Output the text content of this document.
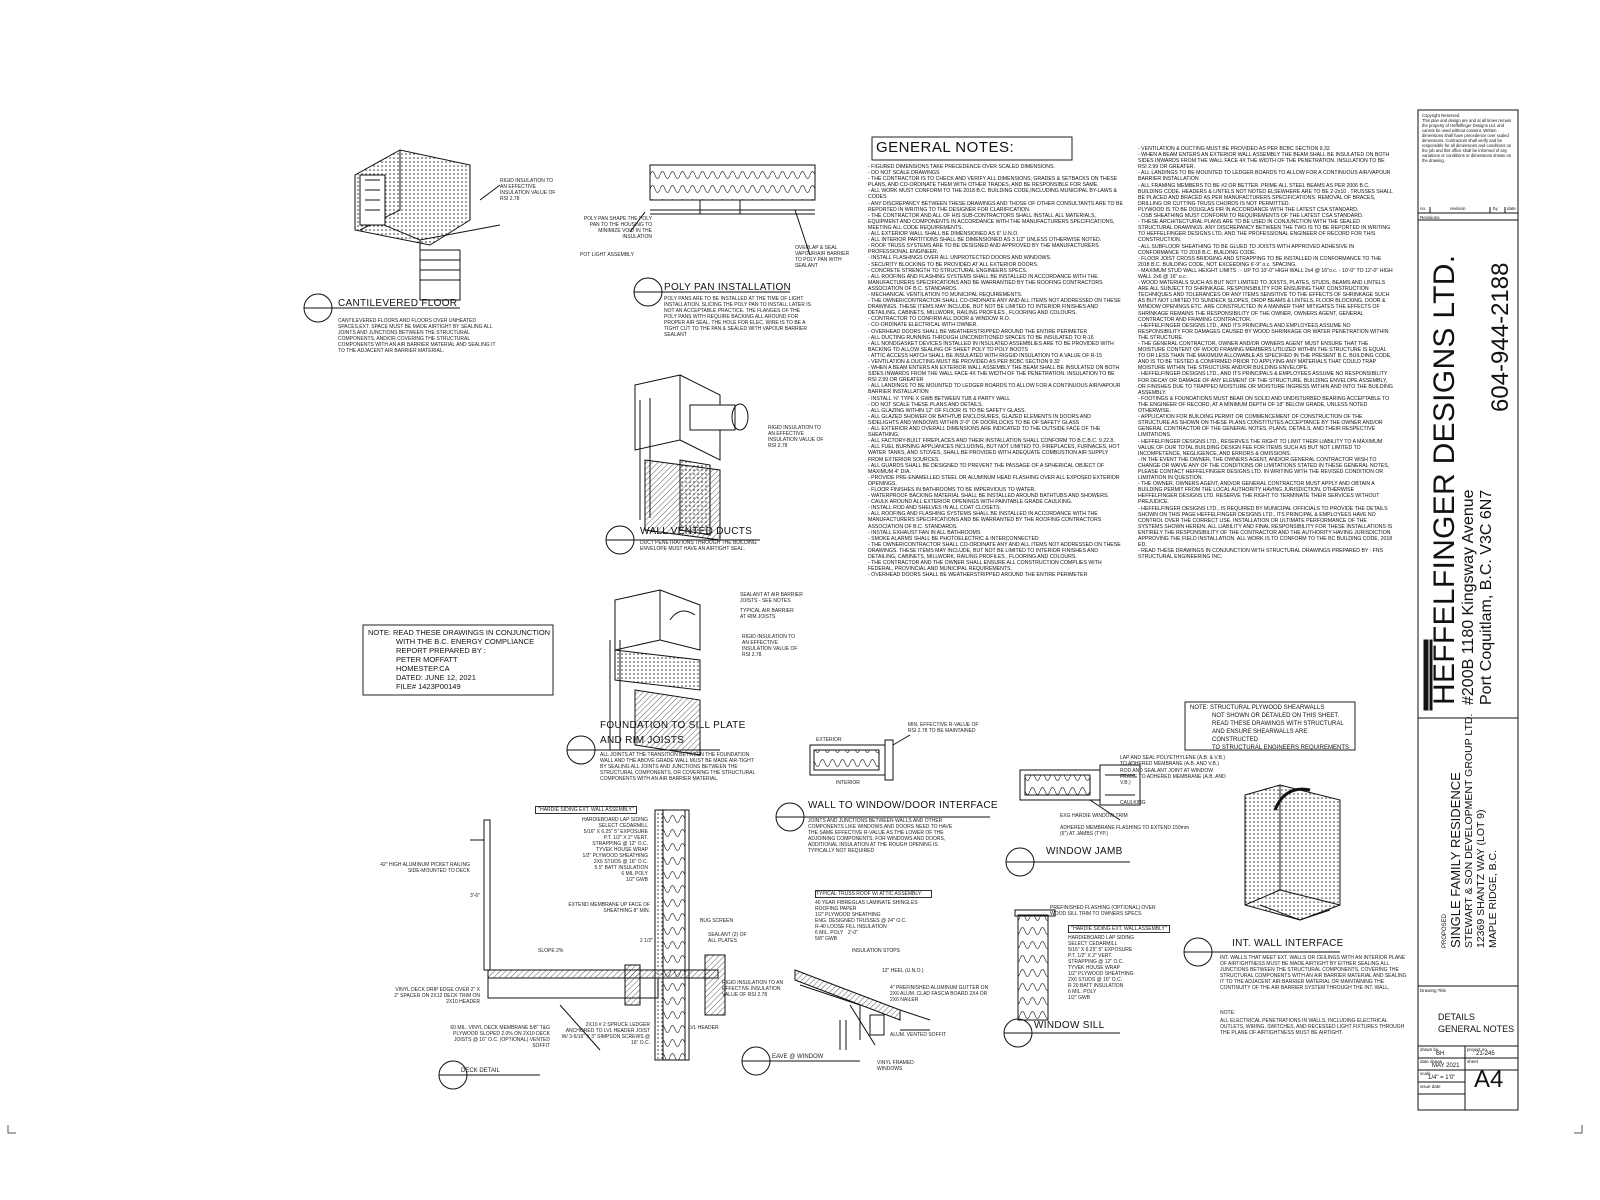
CANTILEVERED FLOOR
CANTILEVERED FLOORS AND FLOORS OVER UNHEATED SPACES,EXT. SPACE MUST BE MADE AIRTIGHT BY SEALING ALL JOINTS AND JUNCTIONS BETWEEN THE STRUCTURAL COMPONENTS, AND/OR COVERING THE STRUCTURAL COMPONENTS WITH AN AIR BARRIER MATERIAL AND SEALING IT TO THE ADJACENT AIR BARRIER MATERIAL.
RIGID INSULATION TO AN EFFECTIVE INSULATION VALUE OF RSI 2.78
POLY PAN INSTALLATION
POLY PANS ARE TO BE INSTALLED AT THE TIME OF LIGHT INSTALLATION. SLICING THE POLY PAN TO INSTALL LATER IS NOT AN ACCEPTABLE PRACTICE. THE FLANGES OF THE POLY PANS WITH REQUIRE BACKING ALL AROUND FOR PROPER AIR SEAL. THE HOLE FOR ELEC. WIRE IS TO BE A TIGHT CUT TO THE PAN & SEALED WITH VAPOUR BARRIER SEALANT
POLY PAN SHAPE THE POLY PAN TO THE HOUSING TO MINIMIZE VOID IN THE INSULATION
POT LIGHT ASSEMBLY
OVERLAP & SEAL VAPOUR/AIR BARRIER TO POLY PAN WITH SEALANT
WALL VENTED DUCTS
DUCT PENETRATIONS THROUGH THE BUILDING ENVELOPE MUST HAVE AN AIRTIGHT SEAL.
RIGID INSULATION TO AN EFFECTIVE INSULATION VALUE OF RSI 2.78
FOUNDATION TO SILL PLATE
AND RIM JOISTS
ALL JOINTS AT THE TRANSITION BETWEEN THE FOUNDATION WALL AND THE ABOVE GRADE WALL MUST BE MADE AIR-TIGHT BY SEALING ALL JOINTS AND JUNCTIONS BETWEEN THE STRUCTURAL COMPONENTS, OR COVERING THE STRUCTURAL COMPONENTS WITH AN AIR BARRIER MATERIAL.
SEALANT AT AIR BARRIER JOISTS - SEE NOTES
TYPICAL AIR BARRIER AT RIM JOISTS
RIGID INSULATION TO AN EFFECTIVE INSULATION VALUE OF RSI 2.78
WALL TO WINDOW/DOOR INTERFACE
JOINTS AND JUNCTIONS BETWEEN WALLS AND OTHER COMPONENTS LIKE WINDOWS AND DOORS NEED TO HAVE THE SAME EFFECTIVE R-VALUE AS THE LOWER OF THE ADJOINING COMPONENTS. FOR WINDOWS AND DOORS, ADDITIONAL INSULATION AT THE ROUGH OPENING IS TYPICALLY NOT REQUIRED
MIN. EFFECTIVE R-VALUE OF RSI 2.78 TO BE MAINTAINED
EXTERIOR
INTERIOR
WINDOW JAMB
LAP AND SEAL POLYETHYLENE (A.B. & V.B.) TO ADHERED MEMBRANE (A.B. AND V.B.)
ROD AND SEALANT JOINT AT WINDOW FRAME TO ADHERED MEMBRANE (A.B. AND V.B.)
CAULKING
EXG HARDIE WINDOW TRIM
ADHERED MEMBRANE FLASHING TO EXTEND 150mm (6") AT JAMBS (TYP.)
WINDOW SILL
PREFINISHED FLASHING (OPTIONAL) OVER WOOD SILL TRIM TO OWNERS SPECS
"HARDIE SIDING EXT. WALL ASSEMBLY"
HARDIEBOARD LAP SIDING
SELECT CEDARMILL
5/16" X 6.25" 5" EXPOSURE
P.T. 1/2" X 2" VERT.
STRAPPING @ 12" O.C.
TYVEK HOUSE WRAP
1/2" PLYWOOD SHEATHING
2X6 STUDS @ 16" O.C.
R 20 BATT INSULATION
6 MIL. POLY
1/2" GWB
INT. WALL INTERFACE
INT. WALLS THAT MEET EXT. WALLS OR CEILINGS WITH AN INTERIOR PLANE OF AIRTIGHTNESS MUST BE MADE AIRTIGHT BY EITHER SEALING ALL JUNCTIONS BETWEEN THE STRUCTURAL COMPONENTS, COVERING THE STRUCTURAL COMPONENTS WITH AN AIR BARRIER MATERIAL AND SEALING IT TO THE ADJACENT AIR BARRIER MATERIAL OR MAINTAINING THE CONTINUITY OF THE AIR BARRIER SYSTEM THROUGH THE INT. WALL.
NOTE:
ALL ELECTRICAL PENETRATIONS IN WALLS, INCLUDING ELECTRICAL OUTLETS, WIRING, SWITCHES, AND RECESSED LIGHT FIXTURES THROUGH THE PLANE OF AIRTIGHTNESS MUST BE AIRTIGHT.
DECK DETAIL
"HARDIE SIDING EXT. WALL ASSEMBLY"
HARDIEBOARD LAP SIDING
SELECT CEDARMILL
5/16" X 6.25" 5" EXPOSURE
P.T. 1/2" X 2" VERT.
STRAPPING @ 12" O.C.
TYVEK HOUSE WRAP
1/2" PLYWOOD SHEATHING
2X6 STUDS @ 16" O.C.
5.5" BATT INSULATION
6 MIL POLY
1/2" GWB
42" HIGH ALUMINUM PICKET RAILING SIDE-MOUNTED TO DECK
3'-6"
SLOPE 2%
EXTEND MEMBRANE UP FACE OF SHEATHING 8" MIN.
BUG SCREEN
SEALANT (2) OF ALL PLATES
RIGID INSULATION TO AN EFFECTIVE INSULATION VALUE OF RSI 2.78
VINYL DECK DRIP EDGE OVER 2" X 2" SPACER ON 2X12 DECK TRIM ON 2X10 HEADER
60 MIL. VINYL DECK MEMBRANE 5/8" T&G PLYWOOD SLOPED 2.0% ON 2X10 DECK JOISTS @ 16" O.C. (OPTIONAL) VENTED SOFFIT
2X10 # 2 SPRUCE LEDGER ANCHORED TO LVL HEADER JOIST W/ 3-5/16" X 3" SIMPSON SCREWS @ 16" O.C.
LVL HEADER
2 1/2"
EAVE @ WINDOW
TYPICAL TRUSS ROOF W/ ATTIC ASSEMBLY:
40 YEAR FIBREGLAS LAMINATE SHINGLES
ROOFING PAPER
1/2" PLYWOOD SHEATHING
ENG. DESIGNED TRUSSES @ 24" O.C.
R-40 LOOSE FILL INSULATION
6 MIL. POLY
5/8" GWB
INSULATION STOPS
2'-0"
12" HEEL (U.N.O.)
4" PREFINISHED ALUMINUM GUTTER ON 2X6 ALUM. CLAD FASCIA BOARD 2X4 OR 2X6 NAILER
ALUM. VENTED SOFFIT
VINYL FRAMED WINDOWS
NOTE: READ THESE DRAWINGS IN CONJUNCTION
WITH THE B.C. ENERGY COMPLIANCE
REPORT PREPARED BY :
PETER MOFFATT
HOMESTEP.CA
DATED: JUNE 12, 2021
FILE# 1423P00149
NOTE: STRUCTURAL PLYWOOD SHEARWALLS
NOT SHOWN OR DETAILED ON THIS SHEET.
READ THESE DRAWINGS WITH STRUCTURAL
AND ENSURE SHEARWALLS ARE CONSTRUCTED
TO STRUCTURAL ENGINEERS REQUIREMENTS
GENERAL NOTES:
- FIGURED DIMENSIONS TAKE PRECEDENCE OVER SCALED DIMENSIONS.
- DO NOT SCALE DRAWINGS
- THE CONTRACTOR IS TO CHECK AND VERIFY ALL DIMENSIONS, GRADES & SETBACKS ON THESE PLANS, AND CO-ORDINATE THEM WITH OTHER TRADES, AND BE RESPONSIBLE FOR SAME.
- ALL WORK MUST CONFORM TO THE 2018 B.C. BUILDING CODE,INCLUDING MUNICIPAL BY-LAWS & CODES
- ANY DISCREPANCY BETWEEN THESE DRAWINGS AND THOSE OF OTHER CONSULTANTS ARE TO BE REPORTED IN WRITING TO THE DESIGNER FOR CLARIFICATION.
- THE CONTRACTOR AND ALL OF HIS SUB-CONTRACTORS SHALL INSTALL ALL MATERIALS, EQUIPMENT AND COMPONENTS IN ACCORDANCE WITH THE MANUFACTURERS SPECIFICATIONS, MEETING ALL CODE REQUIREMENTS.
- ALL EXTERIOR WALL SHALL BE DIMENSIONED AS 6" U.N.O.
- ALL INTERIOR PARTITIONS SHALL BE DIMENSIONED AS 3 1/2" UNLESS OTHERWISE NOTED.
- ROOF TRUSS SYSTEMS ARE TO BE DESIGNED AND APPROVED BY THE MANUFACTURERS PROFESSIONAL ENGINEER.
- INSTALL FLASHINGS OVER ALL UNPROTECTED DOORS AND WINDOWS.
- SECURITY BLOCKING TO BE PROVIDED AT ALL EXTERIOR DOORS.
- CONCRETE STRENGTH TO STRUCTURAL ENGINEERS SPECS.
- ALL ROOFING AND FLASHING SYSTEMS SHALL BE INSTALLED IN ACCORDANCE WITH THE MANUFACTURERS SPECIFICATIONS AND BE WARRANTIED BY THE ROOFING CONTRACTORS ASSOCIATION OF B.C. STANDARDS.
- MECHANICAL VENTILATION TO MUNICIPAL REQUIREMENTS.
- THE OWNER/CONTRACTOR SHALL CO-ORDINATE ANY AND ALL ITEMS NOT ADDRESSED ON THESE DRAWINGS. THESE ITEMS MAY INCLUDE, BUT NOT BE LIMITED TO INTERIOR FINISHES AND DETAILING, CABINETS, MILLWORK, RAILING PROFILES , FLOORING AND COLOURS.
- CONTRACTOR TO CONFIRM ALL DOOR & WINDOW R.O.
- CO-ORDINATE ELECTRICAL WITH OWNER.
- OVERHEAD DOORS SHALL BE WEATHERSTRIPPED AROUND THE ENTIRE PERIMETER
- ALL DUCTING RUNNING THROUGH UNCONDITIONED SPACES TO BE INSULATED TO R-16
- ALL NONDGASKET DEVICES INSTALLED IN INSULATED ASSEMBLIES ARE TO BE PROVIDED WITH BACKING TO ALLOW SEALING OF SHEET POLY TO POLY BOOTS
- ATTIC ACCESS HATCH SHALL BE INSULATED WITH RIGGID INSULATION TO A VALUE OF R-15
- VENTILATION & DUCTING MUST BE PROVIDED AS PER BCBC SECTION 9.32
- WHEN A BEAM ENTERS AN EXTERIOR WALL ASSEMBLY THE BEAM SHALL BE INSULATED ON BOTH SIDES INWARDS FROM THE WALL FACE 4X THE WIDTH OF THE PENETRATION. INSULATION TO BE RSI 2.99 OR GREATER
- ALL LANDINGS TO BE MOUNTED TO LEDGER BOARDS TO ALLOW FOR A CONTINUOUS AIR/VAPOUR BARRIER INSTALLATION
- INSTALL ⅝" TYPE X GWB BETWEEN TUB & PARTY WALL
- DO NOT SCALE THESE PLANS AND DETAILS.
- ALL GLAZING WITHIN 12" OF FLOOR IS TO BE SAFETY GLASS.
- ALL GLAZED SHOWER OR BATHTUB ENCLOSURES, GLAZED ELEMENTS IN DOORS AND SIDELIGHTS AND WINDOWS WITHIN 3'-0" OF DOORLOCKS TO BE OF SAFETY GLASS
- ALL EXTERIOR AND OVERALL DIMENSIONS ARE INDICATED TO THE OUTSIDE FACE OF THE SHEATHING.
- ALL FACTORY-BUILT FIREPLACES AND THEIR INSTALLATION SHALL CONFORM TO B.C.B.C. 9.22.8.
- ALL FUEL BURNING APPLIANCES INCLUDING, BUT NOT LIMITED TO, FIREPLACES, FURNACES, HOT WATER TANKS, AND STOVES, SHALL BE PROVIDED WITH ADEQUATE COMBUSTION AIR SUPPLY FROM EXTERIOR SOURCES.
- ALL GUARDS SHALL BE DESIGNED TO PREVENT THE PASSAGE OF A SPHERICAL OBJECT OF MAXIMUM 4" DIA.
- PROVIDE PRE-ENAMELLED STEEL OR ALUMINUM HEAD FLASHING OVER ALL EXPOSED EXTERIOR OPENINGS.
- FLOOR FINISHES IN BATHROOMS TO BE IMPERVIOUS TO WATER.
- WATERPROOF BACKING MATERIAL SHALL BE INSTALLED AROUND BATHTUBS AND SHOWERS.
- CAULK AROUND ALL EXTERIOR OPENINGS WITH PAINTABLE GRADE CAULKING.
- INSTALL ROD AND SHELVES IN ALL COAT CLOSETS.
- ALL ROOFING AND FLASHING SYSTEMS SHALL BE INSTALLED IN ACCORDANCE WITH THE MANUFACTURERS SPECIFICATIONS AND BE WARRANTED BY THE ROOFING CONTRACTORS ASSOCIATION OF B.C. STANDARDS.
- INSTALL EXHAUST FAN IN ALL BATHROOMS
- SMOKE ALARMS SHALL BE PHOTOELECTRIC & INTERCONNECTED
- THE OWNER/CONTRACTOR SHALL CO-ORDINATE ANY AND ALL ITEMS NOT ADDRESSED ON THESE DRAWINGS. THESE ITEMS MAY INCLUDE, BUT NOT BE LIMITED TO INTERIOR FINISHES AND DETAILING, CABINETS, MILLWORK, RAILING PROFILES , FLOORING AND COLOURS.
- THE CONTRACTOR AND THE OWNER SHALL ENSURE ALL CONSTRUCTION COMPLIES WITH FEDERAL, PROVINCIAL AND MUNICIPAL REQUIREMENTS.
- OVERHEAD DOORS SHALL BE WEATHERSTRIPPED AROUND THE ENTIRE PERIMETER
- VENTILATION & DUCTING MUST BE PROVIDED AS PER BCBC SECTION 9.32
- WHEN A BEAM ENTERS AN EXTERIOR WALL ASSEMBLY THE BEAM SHALL BE INSULATED ON BOTH SIDES INWARDS FROM THE WALL FACE 4X THE WIDTH OF THE PENETRATION. INSULATION TO BE RSI 2.99 OR GREATER.
- ALL LANDINGS TO BE MOUNTED TO LEDGER BOARDS TO ALLOW FOR A CONTINUOUS AIR/VAPOUR BARRIER INSTALLATION
- ALL FRAMING MEMBERS TO BE #2 OR BETTER. PRIME ALL STEEL BEAMS AS PER 2006 B.C. BUILDING CODE. HEADERS & LINTELS NOT NOTED ELSEWHERE ARE TO BE 2-2x10 . TRUSSES SHALL BE PLACED AND BRACED AS PER MANUFACTURERS SPECIFICATIONS. REMOVAL OF BRACES, DRILLING OR CUTTING TRUSS CHORDS IS NOT PERMITTED.
PLYWOOD IS TO BE DOUGLAS FIR IN ACCORDANCE WITH THE LATEST CSA STANDARD.
- OSB SHEATHING MUST CONFORM TO REQUIREMENTS OF THE LATEST CSA STANDARD.
- THESE ARCHITECTURAL PLANS ARE TO BE USED IN CONJUNCTION WITH THE SEALED STRUCTURAL DRAWINGS. ANY DISCREPANCY BETWEEN THE TWO IS TO BE REPORTED IN WRITING TO HEFFELFINGER DESIGNS LTD. AND THE PROFESSIONAL ENGINEER OF RECORD FOR THIS CONSTRUCTION.
- ALL SUBFLOOR SHEATHING TO BE GLUED TO JOISTS WITH APPROVED ADHESIVE IN CONFORMANCE TO 2018 B.C. BUILDING CODE.
- FLOOR JOIST CROSS BRIDGING AND STRAPPING TO BE INSTALLED IN CONFORMANCE TO THE 2018 B.C. BUILDING CODE, NOT EXCEEDING 6'-9" o.c. SPACING.
- MAXIMUM STUD WALL HEIGHT LIMITS : - UP TO 10'-0" HIGH WALL 2x4 @ 16"o.c. - 10'-0" TO 12'-0" HIGH WALL 2x6 @ 16" o.c.
- WOOD MATERIALS SUCH AS BUT NOT LIMITED TO JOISTS, PLATES, STUDS, BEAMS AND LINTELS ARE ALL SUBJECT TO SHRINKAGE. RESPONSIBILITY FOR ENSURING THAT CONSTRUCTION TECHNIQUES AND TOLERANCES OR ANY ITEMS SENSITIVE TO THE EFFECTS OF SHRINKAGE SUCH AS BUT NOT LIMITED TO SUNDECK SLOPES, DROP BEAMS & LINTELS, FLOOR BLOCKING, DOOR & WINDOW OPENINGS ETC. ARE CONSTRUCTED IN A MANNER THAT MITIGATES THE EFFECTS OF SHRINKAGE REMAINS THE RESPONSIBILITY OF THE OWNER, OWNERS AGENT, GENERAL CONTRACTOR AND FRAMING CONTRACTOR.
- HEFFELFINGER DESIGNS LTD., AND ITS PRINCIPALS AND EMPLOYEES ASSUME NO RESPONSIBILITY FOR DAMAGES CAUSED BY WOOD SHRINKAGE OR WATER PENETRATION WITHIN THE STRUCTURE.
- THE GENERAL CONTRACTOR, OWNER AND/OR OWNERS AGENT MUST ENSURE THAT THE MOISTURE CONTENT OF WOOD FRAMING MEMBERS UTILIZED WITHIN THE STRUCTURE IS EQUAL TO OR LESS THAN THE MAXIMUM ALLOWABLE AS SPECIFIED IN THE PRESENT B.C. BUILDING CODE, AND IS TO BE TESTED & CONFIRMED PRIOR TO APPLYING ANY MATERIALS THAT COULD TRAP MOISTURE WITHIN THE STRUCTURE AND/OR BUILDING ENVELOPE.
- HEFFELFINGER DESIGNS LTD., AND ITS PRINCIPALS & EMPLOYEES ASSUME NO RESPONSIBILITY FOR DECAY OR DAMAGE OF ANY ELEMENT OF THE STRUCTURE, BUILDING ENVELOPE ASSEMBLY, OR FINISHES DUE TO TRAPPED MOISTURE OR MOISTURE INGRESS WITHIN AND INTO THE BUILDING ASSEMBLY.
- FOOTINGS & FOUNDATIONS MUST BEAR ON SOLID AND UNDISTURBED BEARING ACCEPTABLE TO THE ENGINEER OF RECORD, AT A MINIMUM DEPTH OF 18" BELOW GRADE, UNLESS NOTED OTHERWISE.
- APPLICATION FOR BUILDING PERMIT OR COMMENCEMENT OF CONSTRUCTION OF THE STRUCTURE AS SHOWN ON THESE PLANS CONSTITUTES ACCEPTANCE BY THE OWNER AND/OR GENERAL CONTRACTOR OF THE GENERAL NOTES, PLANS, DETAILS, AND THEIR RESPECTIVE LIMITATIONS.
- HEFFELFINGER DESIGNS LTD., RESERVES THE RIGHT TO LIMIT THEIR LIABILITY TO A MAXIMUM VALUE OF OUR TOTAL BUILDING DESIGN FEE FOR ITEMS SUCH AS BUT NOT LIMITED TO INCOMPETENCE, NEGLIGENCE, AND ERRORS & OMISSIONS.
- IN THE EVENT THE OWNER, THE OWNERS AGENT, AND/OR GENERAL CONTRACTOR WISH TO CHANGE OR WAIVE ANY OF THE CONDITIONS OR LIMITATIONS STATED IN THESE GENERAL NOTES, PLEASE CONTACT HEFFELFINGER DESIGNS LTD. IN WRITING WITH THE REVISED CONDITION OR LIMITATION IN QUESTION.
- THE OWNER, OWNERS AGENT, AND/OR GENERAL CONTRACTOR MUST APPLY AND OBTAIN A BUILDING PERMIT FROM THE LOCAL AUTHORITY HAVING JURISDICTION, OTHERWISE HEFFELFINGER DESIGNS LTD. RESERVE THE RIGHT TO TERMINATE THEIR SERVICES WITHOUT PREJUDICE.
- HEFFELFINGER DESIGNS LTD., IS REQUIRED BY MUNICIPAL OFFICIALS TO PROVIDE THE DETAILS SHOWN ON THIS PAGE HEFFELFINGER DESIGNS LTD., ITS PRINCIPAL & EMPLOYEES HAVE NO CONTROL OVER THE CORRECT USE, INSTALLATION OR ULTIMATE PERFORMANCE OF THE SYSTEMS SHOWN HEREIN. ALL LIABILITY AND FINAL RESPONSIBILITY FOR THESE INSTALLATIONS IS ENTIRELY THE RESPONSIBILITY OF THE CONTRACTOR AND THE AUTHORITY HAVING JURISDICTION APPROVING THE FIELD INSTALLATION. ALL WORK IS TO CONFORM TO THE BC BUILDING CODE, 2018 ED.
- READ THESE DRAWINGS IN CONJUNCTION WITH STRUCTURAL DRAWINGS PREPARED BY : FNS STRUCTURAL ENGINEERING INC.
Copyright Reserved.
This plan and design are and at all times remain the property of Heffelfinger Designs Ltd. and cannot be used without consent. Written dimensions shall have precedence over scaled dimensions. Contractors shall verify and be responsible for all dimensions and conditions on the job and this office shall be informed of any variations or conditions or dimensions shown on the drawing.
no.	revision	by date
Revisions
HEFFELFINGER DESIGNS LTD. #200B 1180 Kingsway Avenue Port Coquitlam, B.C. V3C 6N7
604-944-2188
PROPOSED SINGLE FAMILY RESIDENCE STEWART & SON DEVELOPMENT GROUP LTD. 12369 SHANTZ WAY (LOT 9) MAPLE RIDGE, B.C.
Drawing Title
DETAILS
GENERAL NOTES
drawn by
BH
project no.
21-245
date drawn
MAY 2021
sheet
A4
scale
1/4" = 1'0"
issue date
